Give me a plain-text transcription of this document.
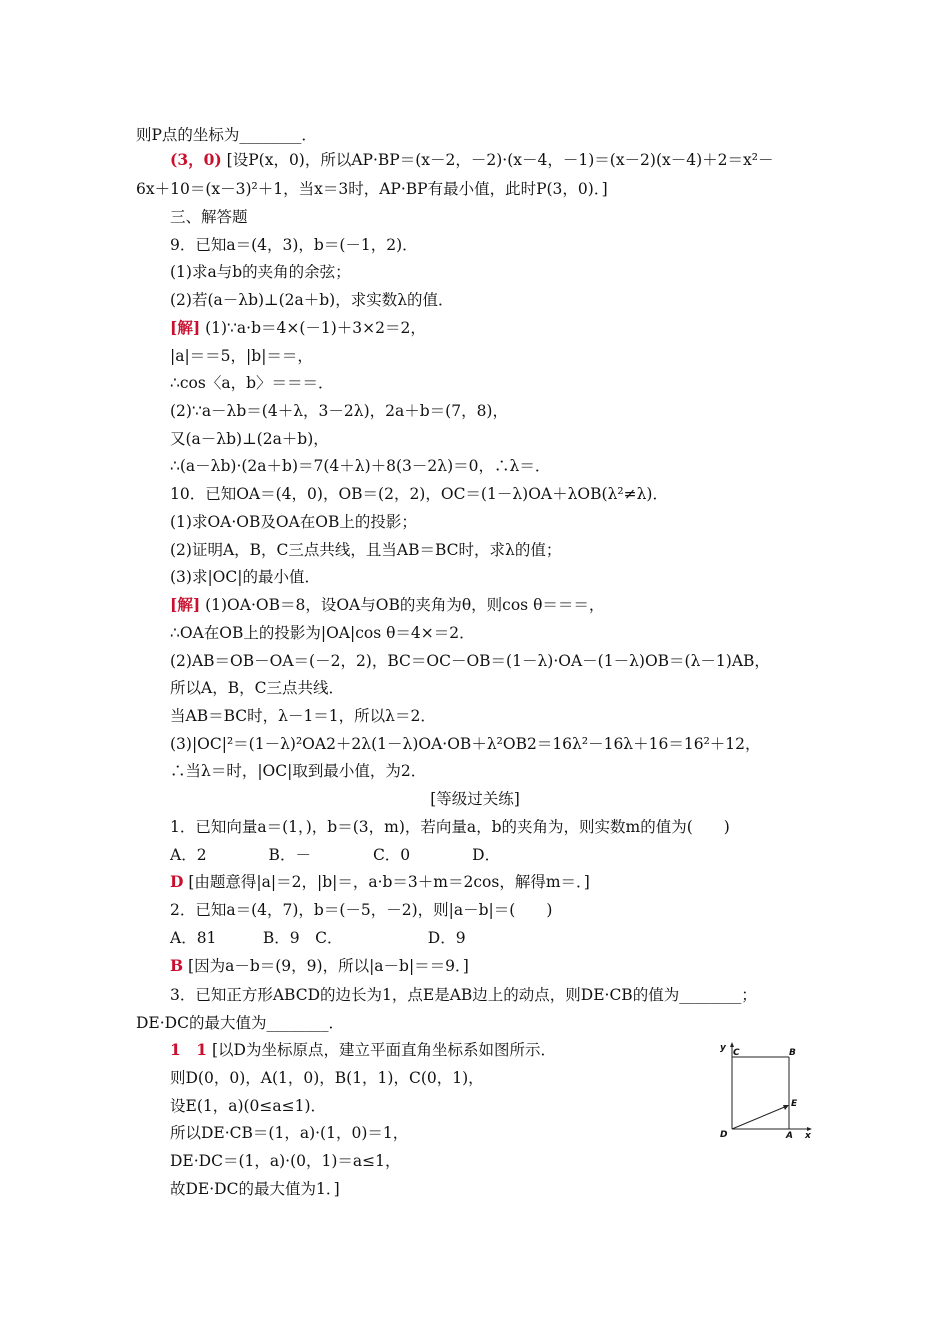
则P点的坐标为________．
(3，0) [设P(x，0)，所以AP·BP＝(x－2，－2)·(x－4，－1)＝(x－2)(x－4)＋2＝x²－
6x＋10＝(x－3)²＋1，当x＝3时，AP·BP有最小值，此时P(3，0)．]
三、解答题
9．已知a＝(4，3)，b＝(－1，2)．
(1)求a与b的夹角的余弦；
(2)若(a－λb)⊥(2a＋b)，求实数λ的值．
[解] (1)∵a·b＝4×(－1)＋3×2＝2，
|a|＝＝5，|b|＝＝，
∴cos〈a，b〉＝＝＝．
(2)∵a－λb＝(4＋λ，3－2λ)，2a＋b＝(7，8)，
又(a－λb)⊥(2a＋b)，
∴(a－λb)·(2a＋b)＝7(4＋λ)＋8(3－2λ)＝0，∴λ＝．
10．已知OA＝(4，0)，OB＝(2，2)，OC＝(1－λ)OA＋λOB(λ²≠λ)．
(1)求OA·OB及OA在OB上的投影；
(2)证明A，B，C三点共线，且当AB＝BC时，求λ的值；
(3)求|OC|的最小值．
[解] (1)OA·OB＝8，设OA与OB的夹角为θ，则cos θ＝＝＝，
∴OA在OB上的投影为|OA|cos θ＝4×＝2．
(2)AB＝OB－OA＝(－2，2)，BC＝OC－OB＝(1－λ)·OA－(1－λ)OB＝(λ－1)AB，
所以A，B，C三点共线．
当AB＝BC时，λ－1＝1，所以λ＝2．
(3)|OC|²＝(1－λ)²OA2＋2λ(1－λ)OA·OB＋λ²OB2＝16λ²－16λ＋16＝16²＋12，
∴当λ＝时，|OC|取到最小值，为2．
[等级过关练]
1．已知向量a＝(1，)，b＝(3，m)，若向量a，b的夹角为，则实数m的值为(　　)
A．2　　　　B．－　　　　C．0　　　　D．
D [由题意得|a|＝2，|b|＝，a·b＝3＋m＝2cos，解得m＝．]
2．已知a＝(4，7)，b＝(－5，－2)，则|a－b|＝(　　)
A．81　　　B．9　C．　　　　　　D．9
B [因为a－b＝(9，9)，所以|a－b|＝＝9．]
3．已知正方形ABCD的边长为1，点E是AB边上的动点，则DE·CB的值为________；
DE·DC的最大值为________．
1　1 [以D为坐标原点，建立平面直角坐标系如图所示．
则D(0，0)，A(1，0)，B(1，1)，C(0，1)，
设E(1，a)(0≤a≤1)．
所以DE·CB＝(1，a)·(1，0)＝1，
DE·DC＝(1，a)·(0，1)＝a≤1，
故DE·DC的最大值为1．]
y C	B
E
D	A x
